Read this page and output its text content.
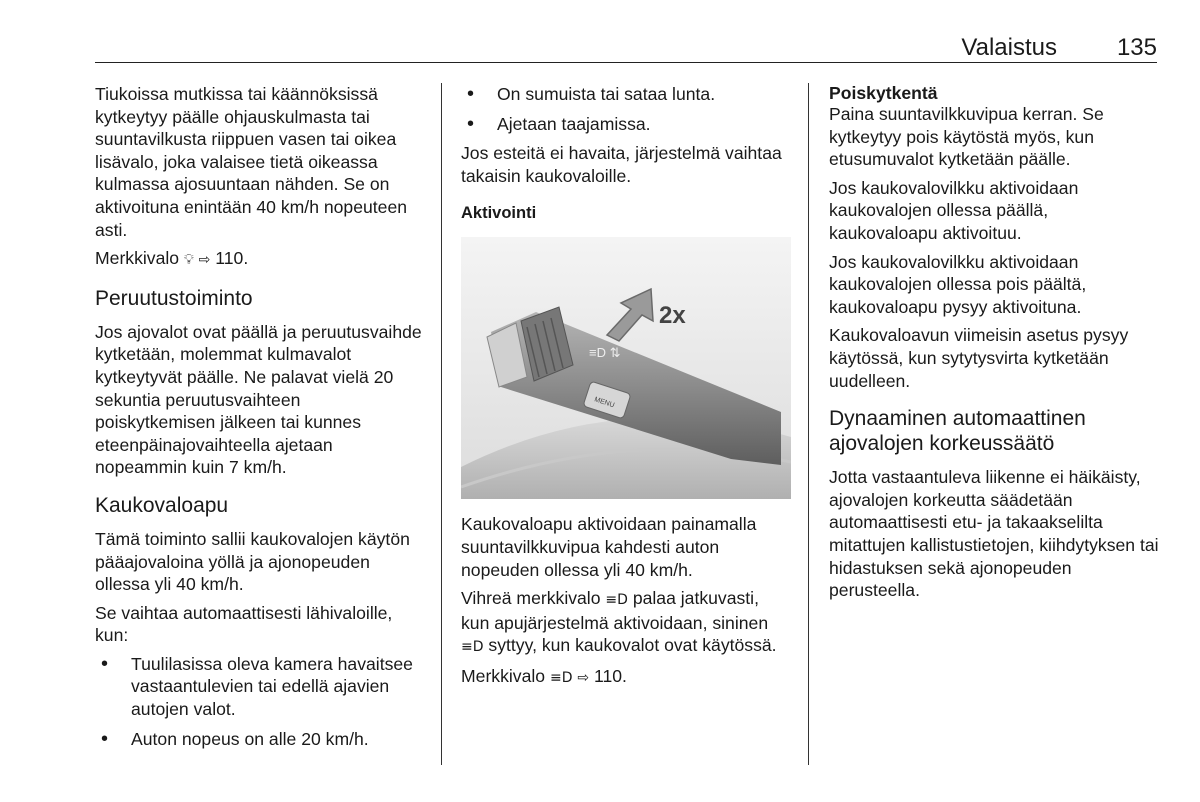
Valaistus 135

Tiukoissa mutkissa tai käännöksissä kytkeytyy päälle ohjauskulmasta tai suuntavilkusta riippuen vasen tai oikea lisävalo, joka valaisee tietä oikeassa kulmassa ajosuuntaan nähden. Se on aktivoituna enintään 40 km/h nopeuteen asti.

Merkkivalo 💡︎ ⇨ 110.

Peruutustoiminto

Jos ajovalot ovat päällä ja peruutusvaihde kytketään, molemmat kulmavalot kytkeytyvät päälle. Ne palavat vielä 20 sekuntia peruutusvaihteen poiskytkemisen jälkeen tai kunnes eteenpäinajovaihteella ajetaan nopeammin kuin 7 km/h.

Kaukovaloapu

Tämä toiminto sallii kaukovalojen käytön pääajovaloina yöllä ja ajonopeuden ollessa yli 40 km/h.

Se vaihtaa automaattisesti lähivaloille, kun:

• Tuulilasissa oleva kamera havaitsee vastaantulevien tai edellä ajavien autojen valot.
• Auton nopeus on alle 20 km/h.
• On sumuista tai sataa lunta.
• Ajetaan taajamissa.

Jos esteitä ei havaita, järjestelmä vaihtaa takaisin kaukovaloille.

Aktivointi
MENU
≡D ⇅
2x

Kaukovaloapu aktivoidaan painamalla suuntavilkkuvipua kahdesti auton nopeuden ollessa yli 40 km/h.

Vihreä merkkivalo ≡D palaa jatkuvasti, kun apujärjestelmä aktivoidaan, sininen ≡D syttyy, kun kaukovalot ovat käytössä.

Merkkivalo ≡D ⇨ 110.

Poiskytkentä

Paina suuntavilkkuvipua kerran. Se kytkeytyy pois käytöstä myös, kun etusumuvalot kytketään päälle.

Jos kaukovalovilkku aktivoidaan kaukovalojen ollessa päällä, kaukovaloapu aktivoituu.

Jos kaukovalovilkku aktivoidaan kaukovalojen ollessa pois päältä, kaukovaloapu pysyy aktivoituna.

Kaukovaloavun viimeisin asetus pysyy käytössä, kun sytytysvirta kytketään uudelleen.

Dynaaminen automaattinen ajovalojen korkeussäätö

Jotta vastaantuleva liikenne ei häikäisty, ajovalojen korkeutta säädetään automaattisesti etu- ja takaakselilta mitattujen kallistustietojen, kiihdytyksen tai hidastuksen sekä ajonopeuden perusteella.
